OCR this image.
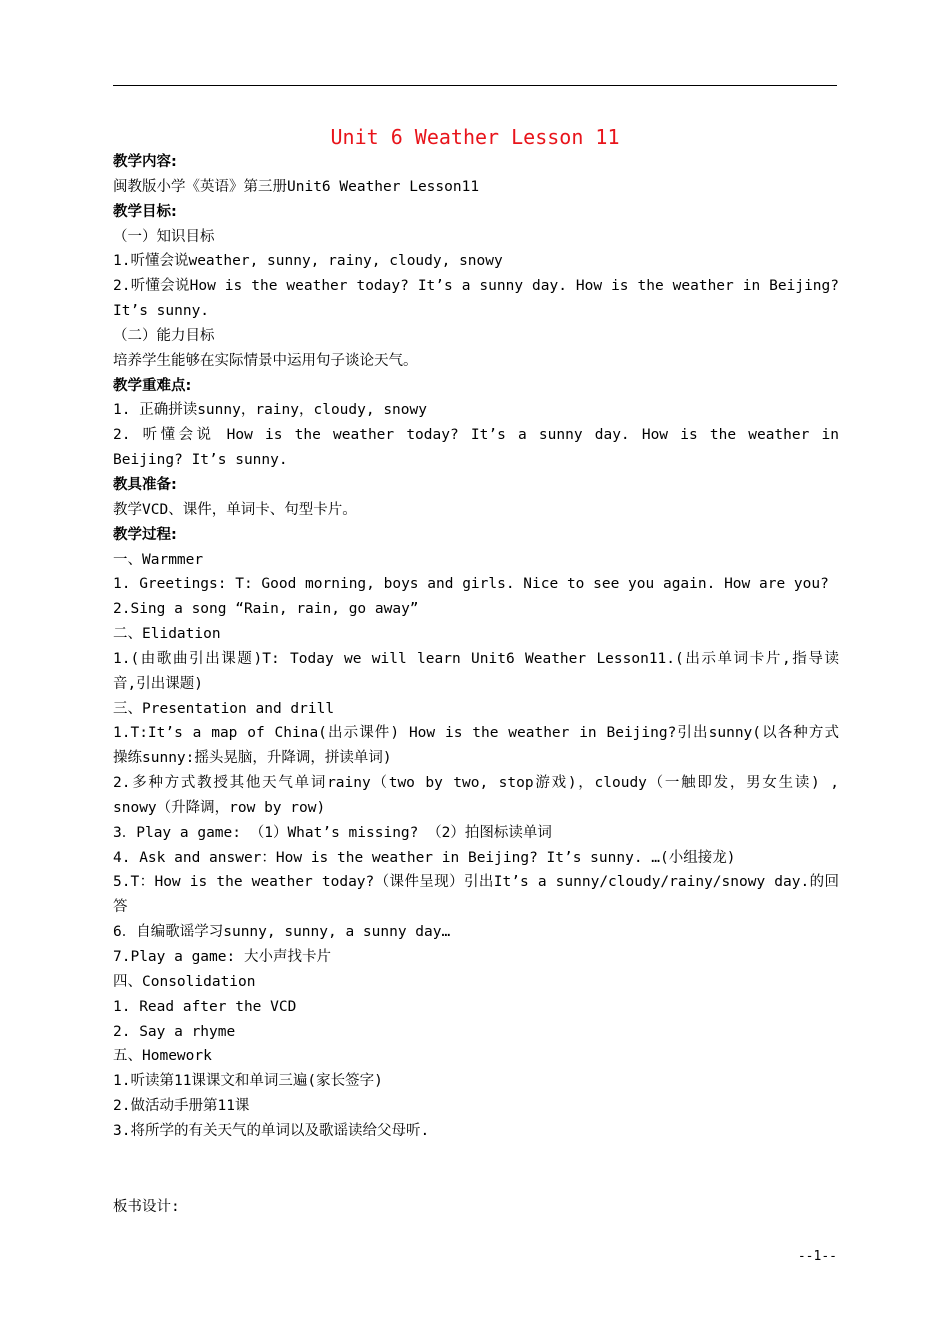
Unit 6 Weather Lesson 11
教学内容:
闽教版小学《英语》第三册Unit6 Weather Lesson11
教学目标:
（一）知识目标
1.听懂会说weather, sunny, rainy, cloudy, snowy
2.听懂会说How is the weather today? It’s a sunny day. How is the weather in Beijing?
It’s sunny.
（二）能力目标
培养学生能够在实际情景中运用句子谈论天气。
教学重难点:
1. 正确拼读sunny，rainy，cloudy, snowy
2. 听懂会说 How is the weather today? It’s a sunny day. How is the weather in
Beijing? It’s sunny.
教具准备:
教学VCD、课件，单词卡、句型卡片。
教学过程:
一、Warmmer
1. Greetings: T: Good morning, boys and girls. Nice to see you again. How are you?
2.Sing a song “Rain, rain, go away”
二、Elidation
1.(由歌曲引出课题)T: Today we will learn Unit6 Weather Lesson11.(出示单词卡片,指导读
音,引出课题)
三、Presentation and drill
1.T:It’s a map of China(出示课件) How is the weather in Beijing?引出sunny(以各种方式
操练sunny:摇头晃脑，升降调，拼读单词)
2.多种方式教授其他天气单词rainy（two by two, stop游戏)，cloudy（一触即发，男女生读) ,
snowy（升降调，row by row)
3．Play a game: （1）What’s missing? （2）拍图标读单词
4. Ask and answer：How is the weather in Beijing? It’s sunny. …(小组接龙)
5.T：How is the weather today?（课件呈现）引出It’s a sunny/cloudy/rainy/snowy day.的回
答
6．自编歌谣学习sunny, sunny, a sunny day…
7.Play a game: 大小声找卡片
四、Consolidation
1. Read after the VCD
2. Say a rhyme
五、Homework
1.听读第11课课文和单词三遍(家长签字)
2.做活动手册第11课
3.将所学的有关天气的单词以及歌谣读给父母听.
板书设计:
--1--
